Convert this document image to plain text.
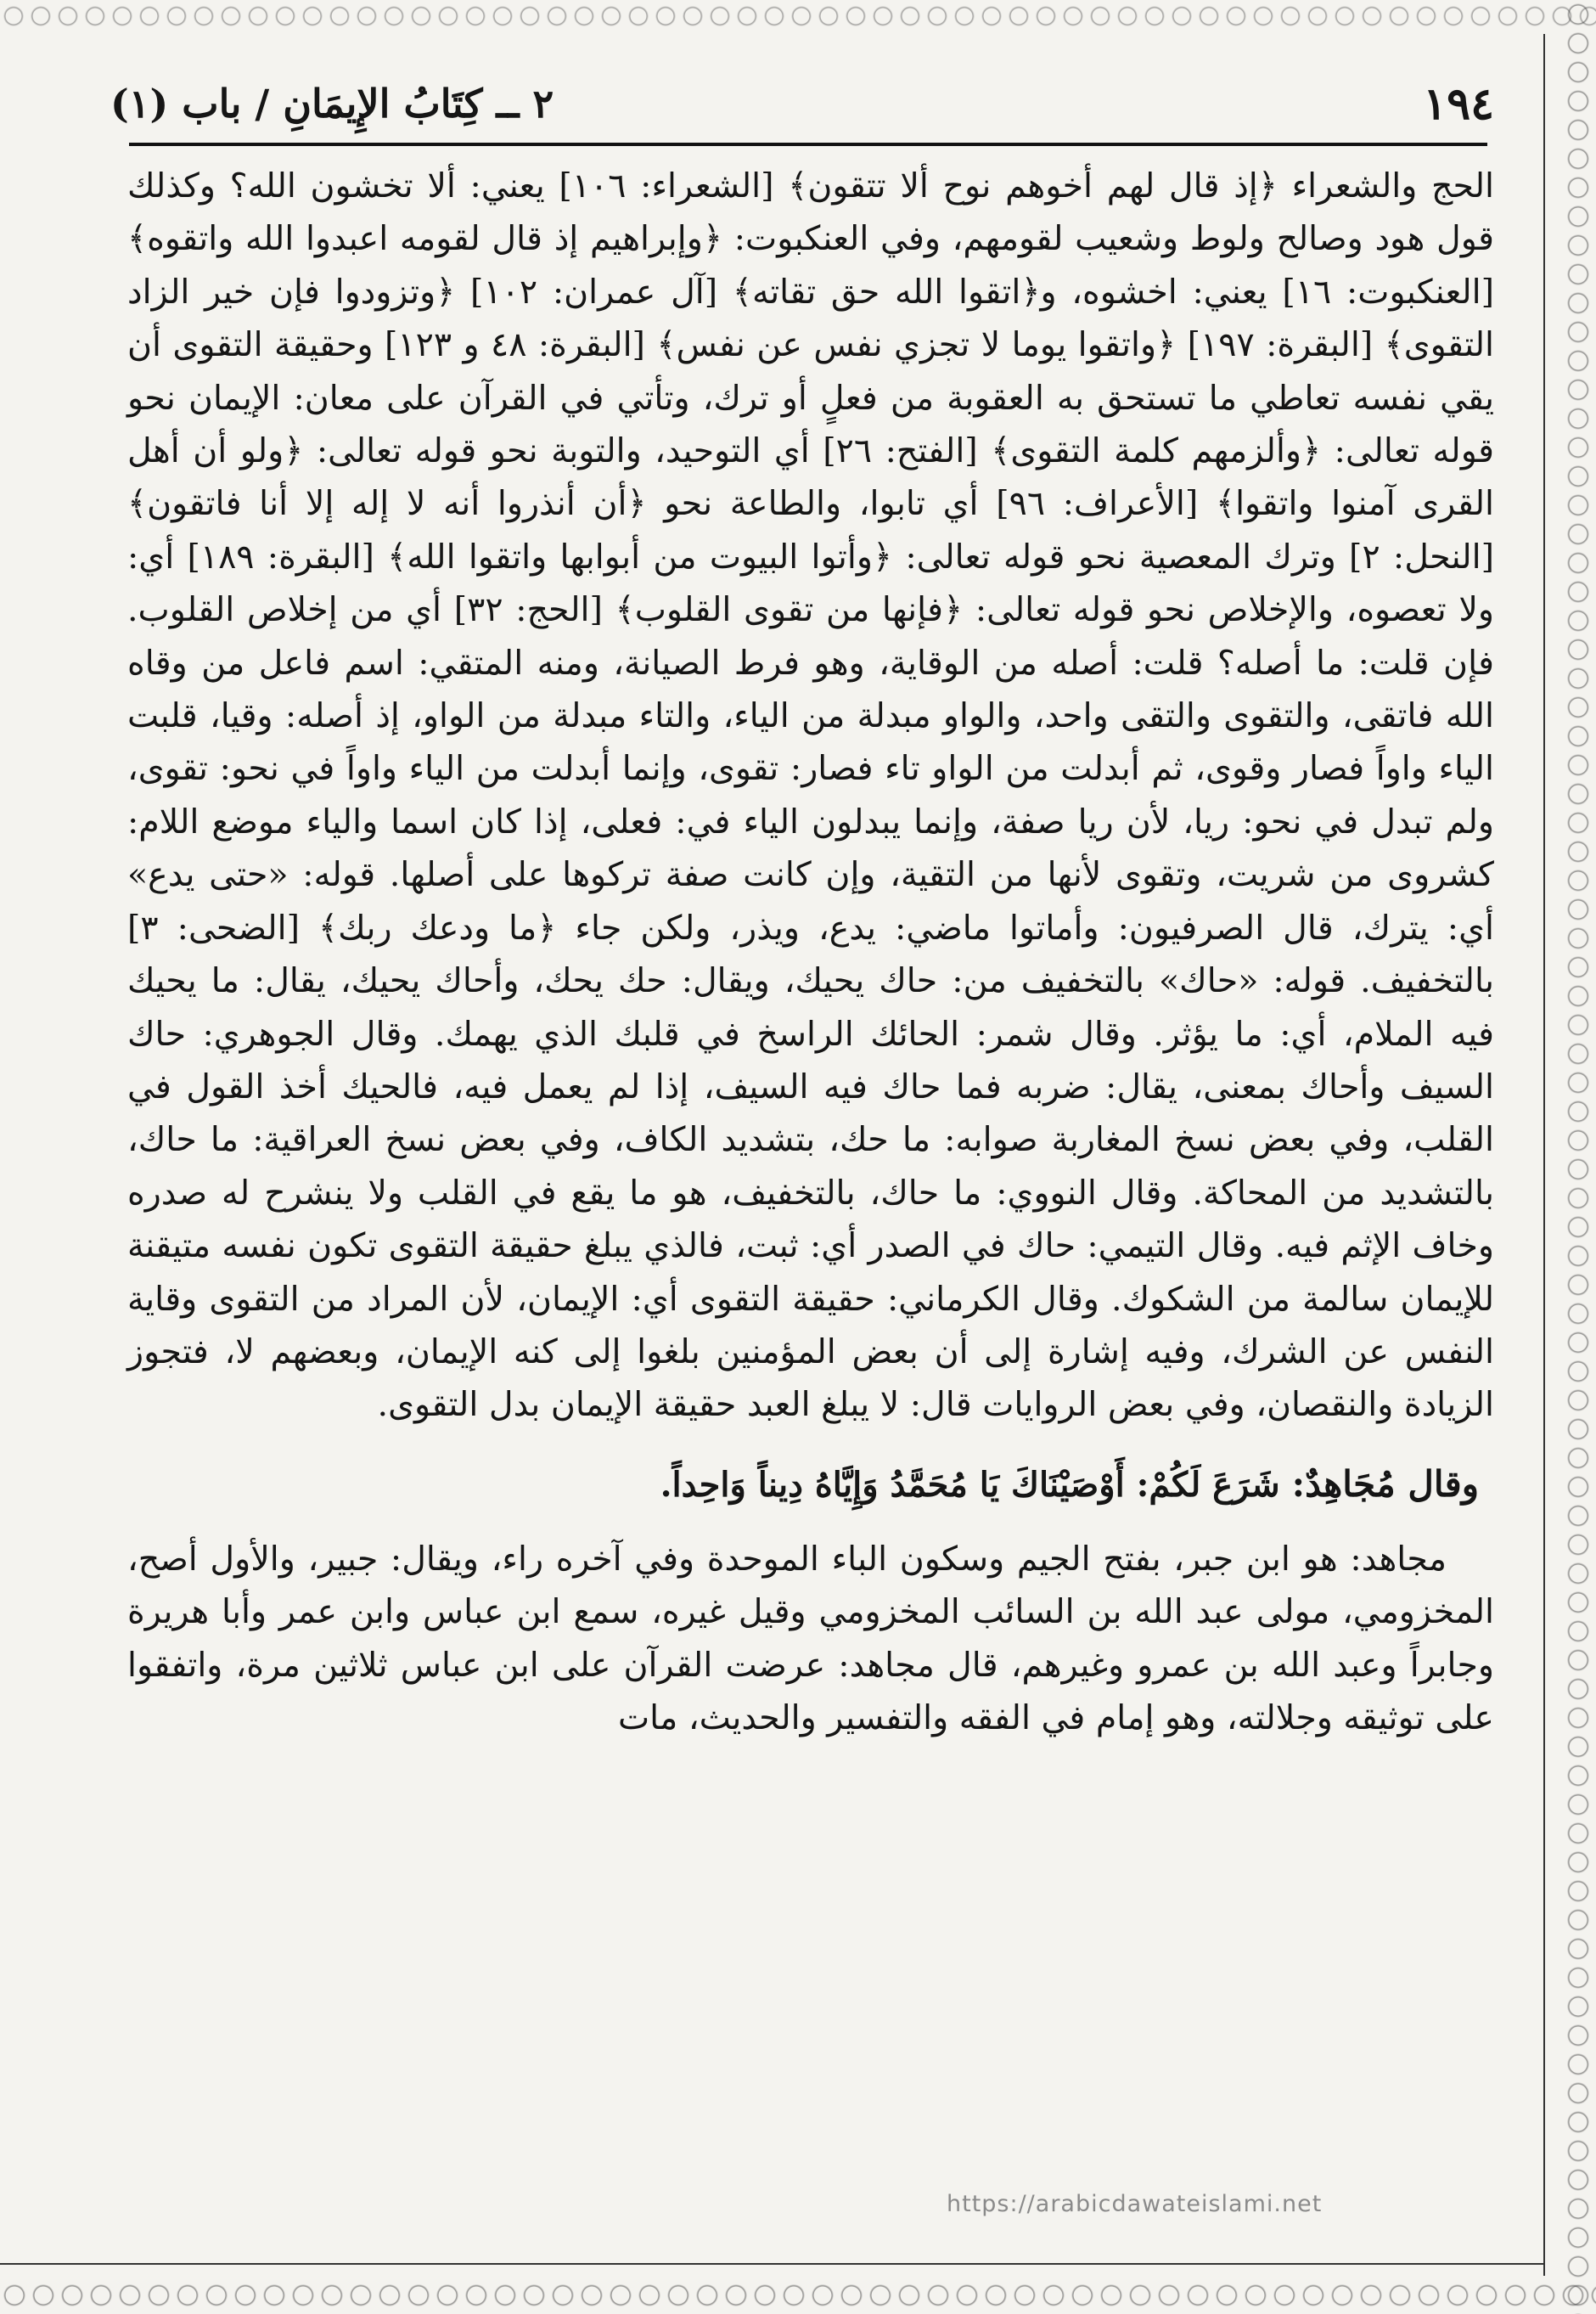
١٩٤
٢ ــ كِتَابُ الإِيمَانِ / باب (١)

الحج والشعراء ﴿إذ قال لهم أخوهم نوح ألا تتقون﴾ [الشعراء: ١٠٦] يعني: ألا تخشون الله؟ وكذلك قول هود وصالح ولوط وشعيب لقومهم، وفي العنكبوت: ﴿وإبراهيم إذ قال لقومه اعبدوا الله واتقوه﴾ [العنكبوت: ١٦] يعني: اخشوه، و﴿اتقوا الله حق تقاته﴾ [آل عمران: ١٠٢] ﴿وتزودوا فإن خير الزاد التقوى﴾ [البقرة: ١٩٧] ﴿واتقوا يوما لا تجزي نفس عن نفس﴾ [البقرة: ٤٨ و ١٢٣] وحقيقة التقوى أن يقي نفسه تعاطي ما تستحق به العقوبة من فعلٍ أو ترك، وتأتي في القرآن على معان: الإيمان نحو قوله تعالى: ﴿وألزمهم كلمة التقوى﴾ [الفتح: ٢٦] أي التوحيد، والتوبة نحو قوله تعالى: ﴿ولو أن أهل القرى آمنوا واتقوا﴾ [الأعراف: ٩٦] أي تابوا، والطاعة نحو ﴿أن أنذروا أنه لا إله إلا أنا فاتقون﴾ [النحل: ٢] وترك المعصية نحو قوله تعالى: ﴿وأتوا البيوت من أبوابها واتقوا الله﴾ [البقرة: ١٨٩] أي: ولا تعصوه، والإخلاص نحو قوله تعالى: ﴿فإنها من تقوى القلوب﴾ [الحج: ٣٢] أي من إخلاص القلوب. فإن قلت: ما أصله؟ قلت: أصله من الوقاية، وهو فرط الصيانة، ومنه المتقي: اسم فاعل من وقاه الله فاتقى، والتقوى والتقى واحد، والواو مبدلة من الياء، والتاء مبدلة من الواو، إذ أصله: وقيا، قلبت الياء واواً فصار وقوى، ثم أبدلت من الواو تاء فصار: تقوى، وإنما أبدلت من الياء واواً في نحو: تقوى، ولم تبدل في نحو: ريا، لأن ريا صفة، وإنما يبدلون الياء في: فعلى، إذا كان اسما والياء موضع اللام: كشروى من شريت، وتقوى لأنها من التقية، وإن كانت صفة تركوها على أصلها. قوله: «حتى يدع» أي: يترك، قال الصرفيون: وأماتوا ماضي: يدع، ويذر، ولكن جاء ﴿ما ودعك ربك﴾ [الضحى: ٣] بالتخفيف. قوله: «حاك» بالتخفيف من: حاك يحيك، ويقال: حك يحك، وأحاك يحيك، يقال: ما يحيك فيه الملام، أي: ما يؤثر. وقال شمر: الحائك الراسخ في قلبك الذي يهمك. وقال الجوهري: حاك السيف وأحاك بمعنى، يقال: ضربه فما حاك فيه السيف، إذا لم يعمل فيه، فالحيك أخذ القول في القلب، وفي بعض نسخ المغاربة صوابه: ما حك، بتشديد الكاف، وفي بعض نسخ العراقية: ما حاك، بالتشديد من المحاكة. وقال النووي: ما حاك، بالتخفيف، هو ما يقع في القلب ولا ينشرح له صدره وخاف الإثم فيه. وقال التيمي: حاك في الصدر أي: ثبت، فالذي يبلغ حقيقة التقوى تكون نفسه متيقنة للإيمان سالمة من الشكوك. وقال الكرماني: حقيقة التقوى أي: الإيمان، لأن المراد من التقوى وقاية النفس عن الشرك، وفيه إشارة إلى أن بعض المؤمنين بلغوا إلى كنه الإيمان، وبعضهم لا، فتجوز الزيادة والنقصان، وفي بعض الروايات قال: لا يبلغ العبد حقيقة الإيمان بدل التقوى.

وقال مُجَاهِدٌ: شَرَعَ لَكُمْ: أَوْصَيْنَاكَ يَا مُحَمَّدُ وَإِيَّاهُ دِيناً وَاحِداً.

مجاهد: هو ابن جبر، بفتح الجيم وسكون الباء الموحدة وفي آخره راء، ويقال: جبير، والأول أصح، المخزومي، مولى عبد الله بن السائب المخزومي وقيل غيره، سمع ابن عباس وابن عمر وأبا هريرة وجابراً وعبد الله بن عمرو وغيرهم، قال مجاهد: عرضت القرآن على ابن عباس ثلاثين مرة، واتفقوا على توثيقه وجلالته، وهو إمام في الفقه والتفسير والحديث، مات

https://arabicdawateislami.net
